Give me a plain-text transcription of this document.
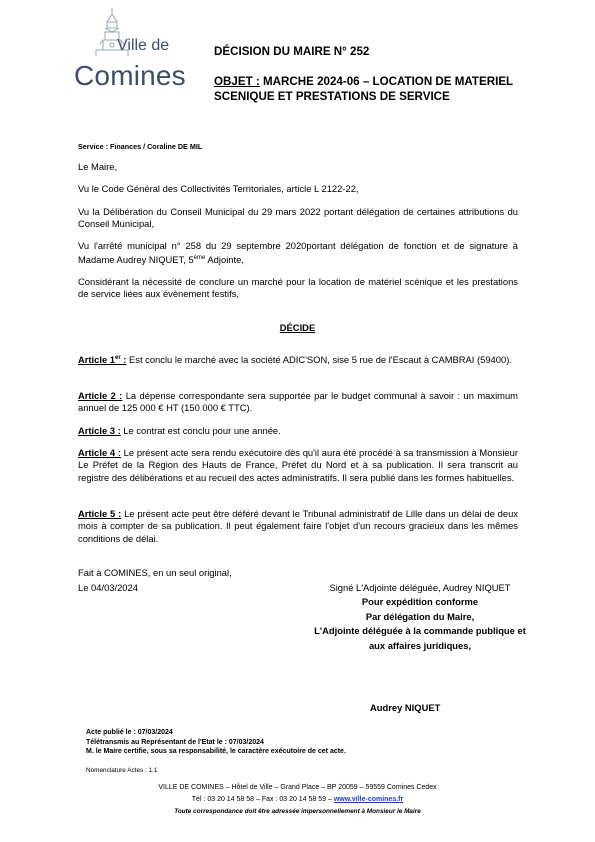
Ville de
Comines
DÉCISION DU MAIRE N° 252
OBJET : MARCHE 2024-06 – LOCATION DE MATERIEL SCENIQUE ET PRESTATIONS DE SERVICE
Service : Finances / Coraline DE MIL
Le Maire,
Vu le Code Général des Collectivités Territoriales, article L 2122-22,
Vu la Délibération du Conseil Municipal du 29 mars 2022 portant délégation de certaines attributions du Conseil Municipal,
Vu l'arrêté municipal n° 258 du 29 septembre 2020portant délégation de fonction et de signature à Madame Audrey NIQUET, 5ème Adjointe,
Considérant la nécessité de conclure un marché pour la location de matériel scénique et les prestations de service liées aux évènement festifs,
DÉCIDE
Article 1er : Est conclu le marché avec la société ADIC'SON, sise 5 rue de l'Escaut à CAMBRAI (59400).
Article 2 : La dépense correspondante sera supportée par le budget communal à savoir : un maximum annuel de 125 000 € HT (150 000 € TTC).
Article 3 : Le contrat est conclu pour une année.
Article 4 : Le présent acte sera rendu exécutoire dès qu'il aura été procédé à sa transmission à Monsieur Le Préfet de la Région des Hauts de France, Préfet du Nord et à sa publication. Il sera transcrit au registre des délibérations et au recueil des actes administratifs. Il sera publié dans les formes habituelles.
Article 5 : Le présent acte peut être déféré devant le Tribunal administratif de Lille dans un délai de deux mois à compter de sa publication. Il peut également faire l'objet d'un recours gracieux dans les mêmes conditions de délai.
Fait à COMINES, en un seul original,
Le 04/03/2024	Signé L'Adjointe déléguée, Audrey NIQUET
Pour expédition conforme
Par délégation du Maire,
L'Adjointe déléguée à la commande publique et aux affaires juridiques,
Audrey NIQUET
Acte publié le : 07/03/2024
Télétransmis au Représentant de l'Etat le : 07/03/2024
M. le Maire certifie, sous sa responsabilité, le caractère exécutoire de cet acte.
Nomenclature Actes : 1.1
VILLE DE COMINES – Hôtel de Ville – Grand Place – BP 20059 – 59559 Comines Cedex
Tél : 03 20 14 58 58 – Fax : 03 20 14 58 59 – www.ville-comines.fr
Toute correspondance doit être adressée impersonnellement à Monsieur le Maire
